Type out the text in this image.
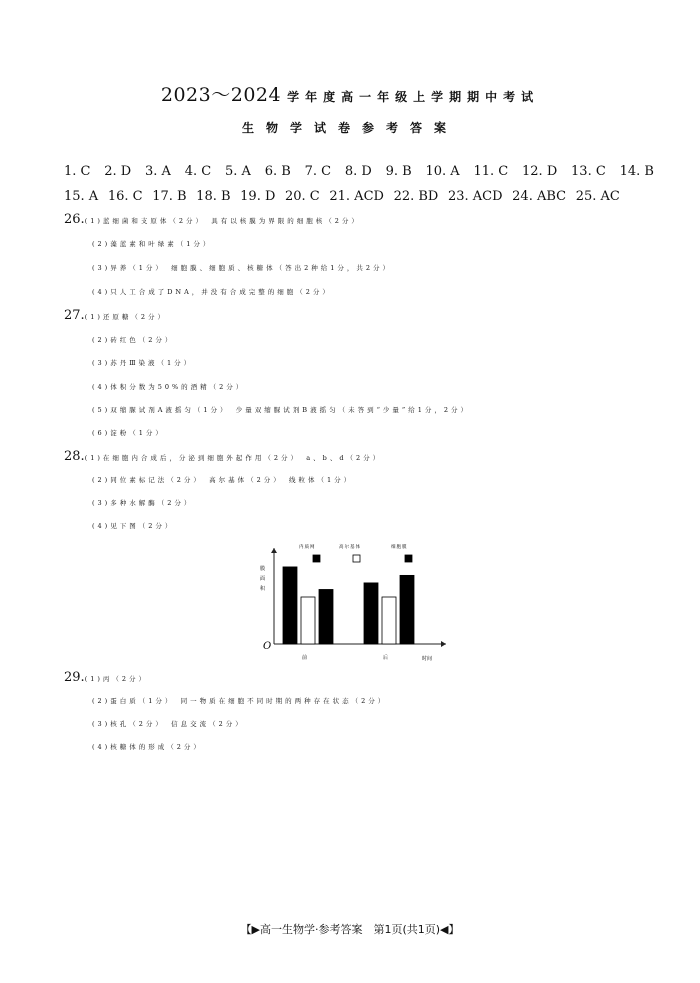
2023～2024 学年度高一年级上学期期中考试
生物学试卷参考答案
1. C 2. D 3. A 4. C 5. A 6. B 7. C 8. D 9. B 10. A 11. C 12. D 13. C 14. B
15. A 16. C 17. B 18. B 19. D 20. C 21. ACD 22. BD 23. ACD 24. ABC 25. AC
26.(1)蓝细菌和支原体（2分）　具有以核膜为界限的细胞核（2分）
(2)藻蓝素和叶绿素（1分）
(3)异养（1分）　细胞膜、细胞质、核糖体（答出2种给1分，共2分）
(4)只人工合成了DNA，并没有合成完整的细胞（2分）
27.(1)还原糖（2分）
(2)砖红色（2分）
(3)苏丹Ⅲ染液（1分）
(4)体积分数为50%的酒精（2分）
(5)双缩脲试剂A液摇匀（1分）　少量双缩脲试剂B液摇匀（未答到“少量”给1分，2分）
(6)淀粉（1分）
28.(1)在细胞内合成后，分泌到细胞外起作用（2分）　a、b、d（2分）
(2)同位素标记法（2分）　高尔基体（2分）　线粒体（1分）
(3)多种水解酶（2分）
(4)见下图（2分）
内质网	高尔基体	细胞膜
O
膜
面
积
时间
前	后
29.(1)丙（2分）
(2)蛋白质（1分）　同一物质在细胞不同时期的两种存在状态（2分）
(3)核孔（2分）　信息交流（2分）
(4)核糖体的形成（2分）
【▶高一生物学·参考答案　第1页(共1页)◀】
